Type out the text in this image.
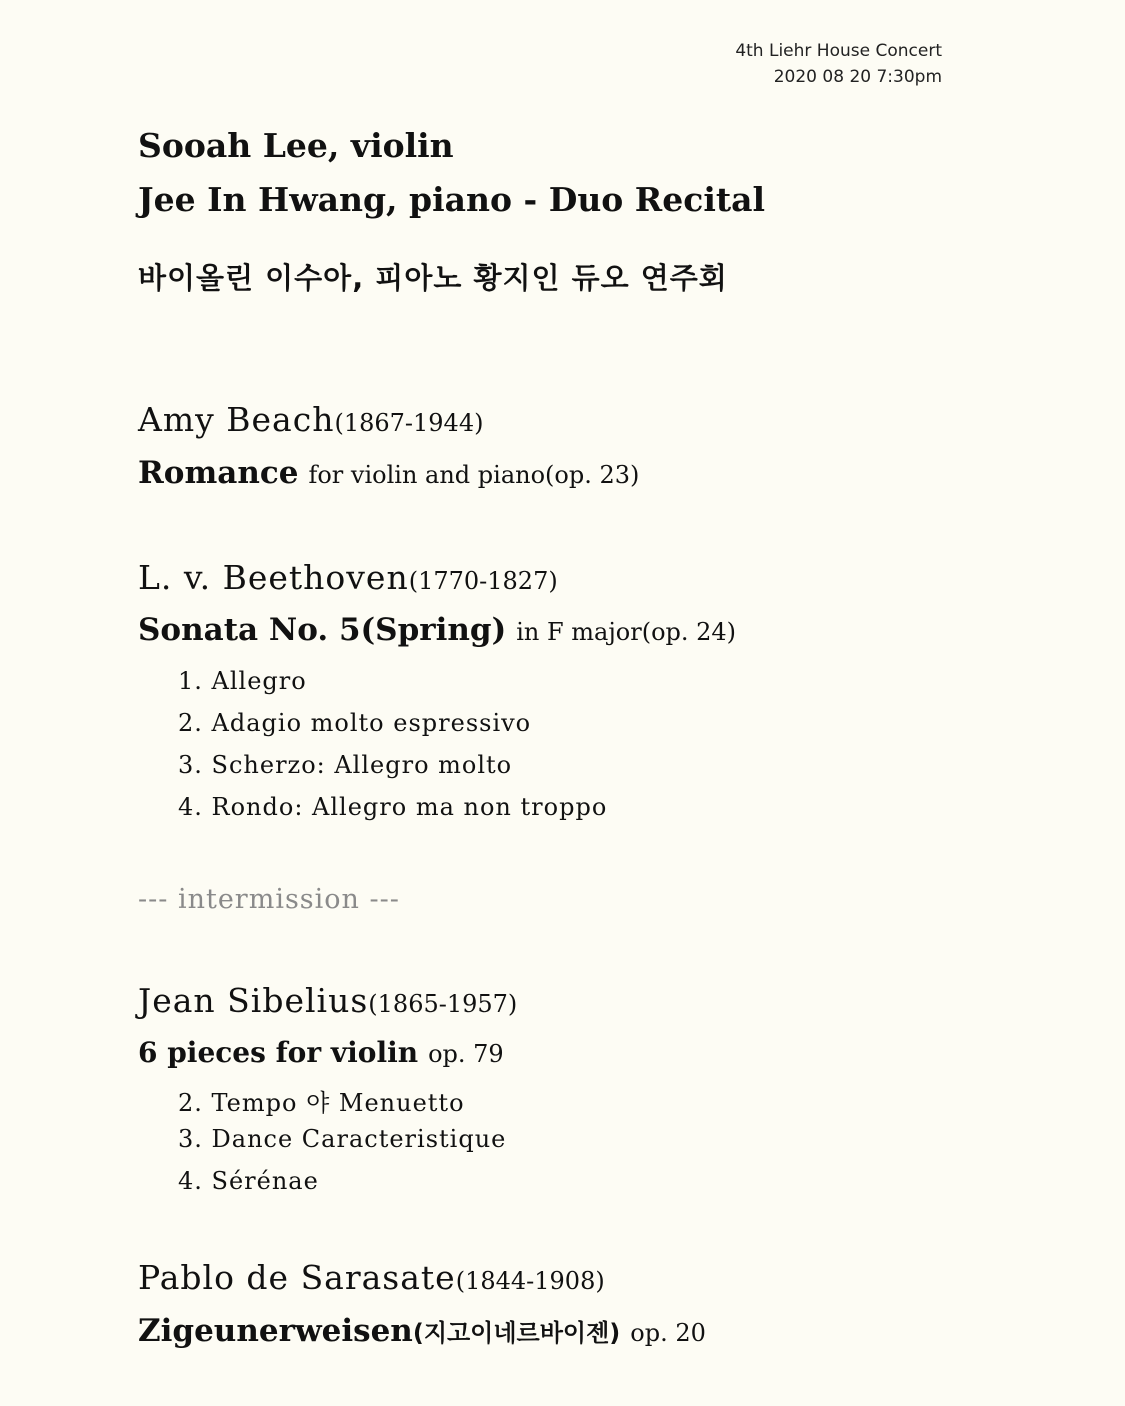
4th Liehr House Concert
2020 08 20 7:30pm
Sooah Lee, violin
Jee In Hwang, piano - Duo Recital
바이올린 이수아, 피아노 황지인 듀오 연주회
Amy Beach(1867-1944)
Romance for violin and piano(op. 23)
L. v. Beethoven(1770-1827)
Sonata No. 5(Spring) in F major(op. 24)
1. Allegro
2. Adagio molto espressivo
3. Scherzo: Allegro molto
4. Rondo: Allegro ma non troppo
--- intermission ---
Jean Sibelius(1865-1957)
6 pieces for violin op. 79
2. Tempo 야 Menuetto
3. Dance Caracteristique
4. Sérénae
Pablo de Sarasate(1844-1908)
Zigeunerweisen(지고이네르바이젠) op. 20
